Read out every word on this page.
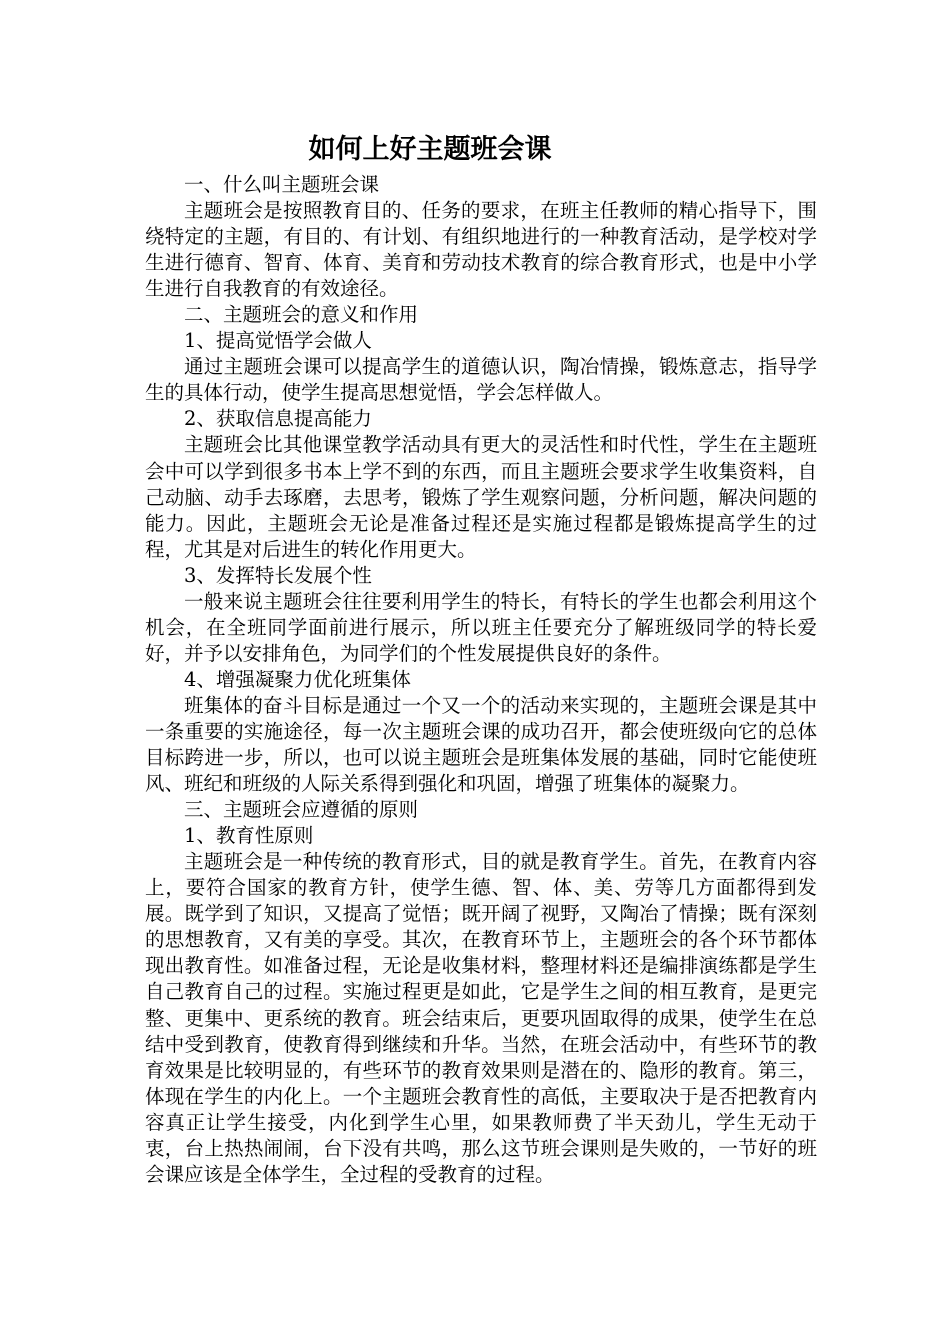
如何上好主题班会课

一、什么叫主题班会课

主题班会是按照教育目的、任务的要求，在班主任教师的精心指导下，围绕特定的主题，有目的、有计划、有组织地进行的一种教育活动，是学校对学生进行德育、智育、体育、美育和劳动技术教育的综合教育形式，也是中小学生进行自我教育的有效途径。

二、主题班会的意义和作用

1、提高觉悟学会做人

通过主题班会课可以提高学生的道德认识，陶冶情操，锻炼意志，指导学生的具体行动，使学生提高思想觉悟，学会怎样做人。

2、获取信息提高能力

主题班会比其他课堂教学活动具有更大的灵活性和时代性，学生在主题班会中可以学到很多书本上学不到的东西，而且主题班会要求学生收集资料，自己动脑、动手去琢磨，去思考，锻炼了学生观察问题，分析问题，解决问题的能力。因此，主题班会无论是准备过程还是实施过程都是锻炼提高学生的过程，尤其是对后进生的转化作用更大。

3、发挥特长发展个性

一般来说主题班会往往要利用学生的特长，有特长的学生也都会利用这个机会，在全班同学面前进行展示，所以班主任要充分了解班级同学的特长爱好，并予以安排角色，为同学们的个性发展提供良好的条件。

4、增强凝聚力优化班集体

班集体的奋斗目标是通过一个又一个的活动来实现的，主题班会课是其中一条重要的实施途径，每一次主题班会课的成功召开，都会使班级向它的总体目标跨进一步，所以，也可以说主题班会是班集体发展的基础，同时它能使班风、班纪和班级的人际关系得到强化和巩固，增强了班集体的凝聚力。

三、主题班会应遵循的原则

1、教育性原则

主题班会是一种传统的教育形式，目的就是教育学生。首先，在教育内容上，要符合国家的教育方针，使学生德、智、体、美、劳等几方面都得到发展。既学到了知识，又提高了觉悟；既开阔了视野，又陶冶了情操；既有深刻的思想教育，又有美的享受。其次，在教育环节上，主题班会的各个环节都体现出教育性。如准备过程，无论是收集材料，整理材料还是编排演练都是学生自己教育自己的过程。实施过程更是如此，它是学生之间的相互教育，是更完整、更集中、更系统的教育。班会结束后，更要巩固取得的成果，使学生在总结中受到教育，使教育得到继续和升华。当然，在班会活动中，有些环节的教育效果是比较明显的，有些环节的教育效果则是潜在的、隐形的教育。第三，体现在学生的内化上。一个主题班会教育性的高低，主要取决于是否把教育内容真正让学生接受，内化到学生心里，如果教师费了半天劲儿，学生无动于衷，台上热热闹闹，台下没有共鸣，那么这节班会课则是失败的，一节好的班会课应该是全体学生，全过程的受教育的过程。
